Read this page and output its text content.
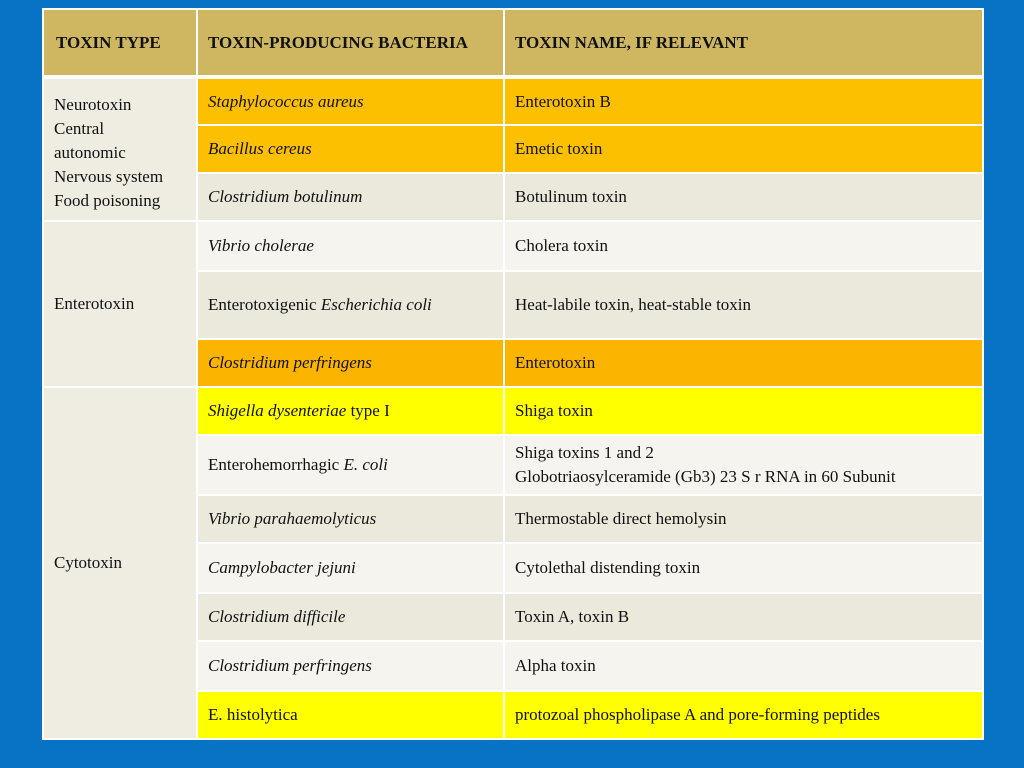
TOXIN TYPE	TOXIN-PRODUCING BACTERIA	TOXIN NAME, IF RELEVANT

Neurotoxin
Central
autonomic
Nervous system
Food poisoning	Staphylococcus aureus	Enterotoxin B
	Bacillus cereus	Emetic toxin
	Clostridium botulinum	Botulinum toxin
Enterotoxin	Vibrio cholerae	Cholera toxin
	Enterotoxigenic Escherichia coli	Heat-labile toxin, heat-stable toxin
	Clostridium perfringens	Enterotoxin
Cytotoxin	Shigella dysenteriae type I	Shiga toxin
	Enterohemorrhagic E. coli	Shiga toxins 1 and 2
Globotriaosylceramide (Gb3) 23 S r RNA in 60 Subunit

	Vibrio parahaemolyticus	Thermostable direct hemolysin
	Campylobacter jejuni	Cytolethal distending toxin
	Clostridium difficile	Toxin A, toxin B
	Clostridium perfringens	Alpha toxin
	E. histolytica	protozoal phospholipase A and pore-forming peptides
